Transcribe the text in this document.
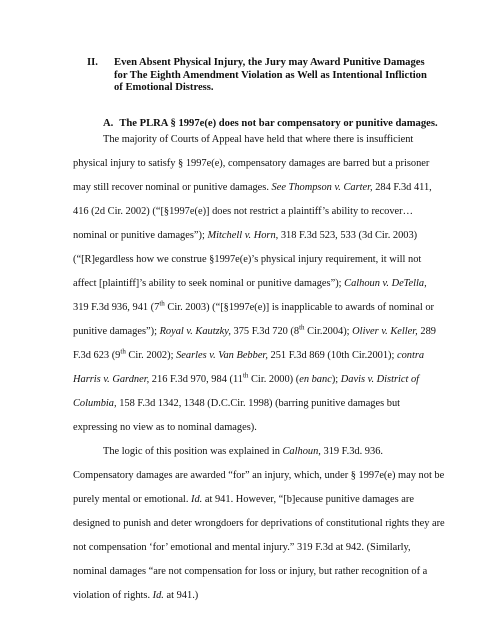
II. Even Absent Physical Injury, the Jury may Award Punitive Damages for The Eighth Amendment Violation as Well as Intentional Infliction of Emotional Distress.
A. The PLRA § 1997e(e) does not bar compensatory or punitive damages.
The majority of Courts of Appeal have held that where there is insufficient
physical injury to satisfy § 1997e(e), compensatory damages are barred but a prisoner
may still recover nominal or punitive damages. See Thompson v. Carter, 284 F.3d 411,
416 (2d Cir. 2002) (“[§1997e(e)] does not restrict a plaintiff’s ability to recover…
nominal or punitive damages”); Mitchell v. Horn, 318 F.3d 523, 533 (3d Cir. 2003)
(“[R]egardless how we construe §1997e(e)’s physical injury requirement, it will not
affect [plaintiff]’s ability to seek nominal or punitive damages”); Calhoun v. DeTella,
319 F.3d 936, 941 (7th Cir. 2003) (“[§1997e(e)] is inapplicable to awards of nominal or
punitive damages”); Royal v. Kautzky, 375 F.3d 720 (8th Cir.2004); Oliver v. Keller, 289
F.3d 623 (9th Cir. 2002); Searles v. Van Bebber, 251 F.3d 869 (10th Cir.2001); contra
Harris v. Gardner, 216 F.3d 970, 984 (11th Cir. 2000) (en banc); Davis v. District of
Columbia, 158 F.3d 1342, 1348 (D.C.Cir. 1998) (barring punitive damages but
expressing no view as to nominal damages).
The logic of this position was explained in Calhoun, 319 F.3d. 936.
Compensatory damages are awarded “for” an injury, which, under § 1997e(e) may not be
purely mental or emotional. Id. at 941. However, “[b]ecause punitive damages are
designed to punish and deter wrongdoers for deprivations of constitutional rights they are
not compensation ‘for’ emotional and mental injury.” 319 F.3d at 942. (Similarly,
nominal damages “are not compensation for loss or injury, but rather recognition of a
violation of rights. Id. at 941.)
